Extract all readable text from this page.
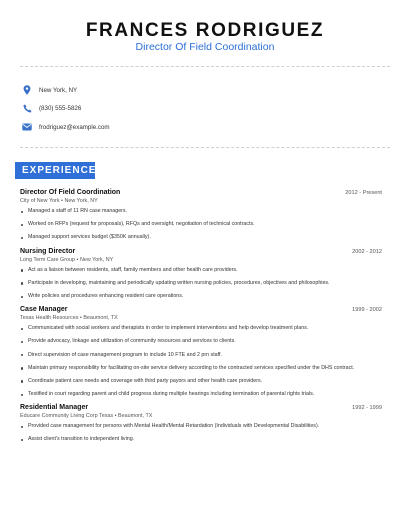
FRANCES RODRIGUEZ
Director Of Field Coordination
New York, NY
(830) 555-5826
frodriguez@example.com
EXPERIENCE
Director Of Field Coordination	2012 - Present
City of New York • New York, NY
Managed a staff of 11 RN case managers.
Worked on RFPs (request for proposals), RFQs and oversight, negotiation of technical contracts.
Managed support services budget ($350K annually).
Nursing Director	2002 - 2012
Long Term Care Group • New York, NY
Act as a liaison between residents, staff, family members and other health care providers.
Participate in developing, maintaining and periodically updating written nursing policies, procedures, objectives and philosophies.
Write policies and procedures enhancing resident care operations.
Case Manager	1999 - 2002
Texas Health Resources • Beaumont, TX
Communicated with social workers and therapists in order to implement interventions and help develop treatment plans.
Provide advocacy, linkage and utilization of community resources and services to clients.
Direct supervision of case management program to include 10 FTE and 2 prn staff.
Maintain primary responsibility for facilitating on-site service delivery according to the contracted services specified under the DHS contract.
Coordinate patient care needs and coverage with third party payors and other health care providers.
Testified in court regarding parent and child progress during multiple hearings including termination of parental rights trials.
Residential Manager	1992 - 1999
Educare Community Living Corp Texas • Beaumont, TX
Provided case management for persons with Mental Health/Mental Retardation (Individuals with Developmental Disabilities).
Assist client's transition to independent living.
